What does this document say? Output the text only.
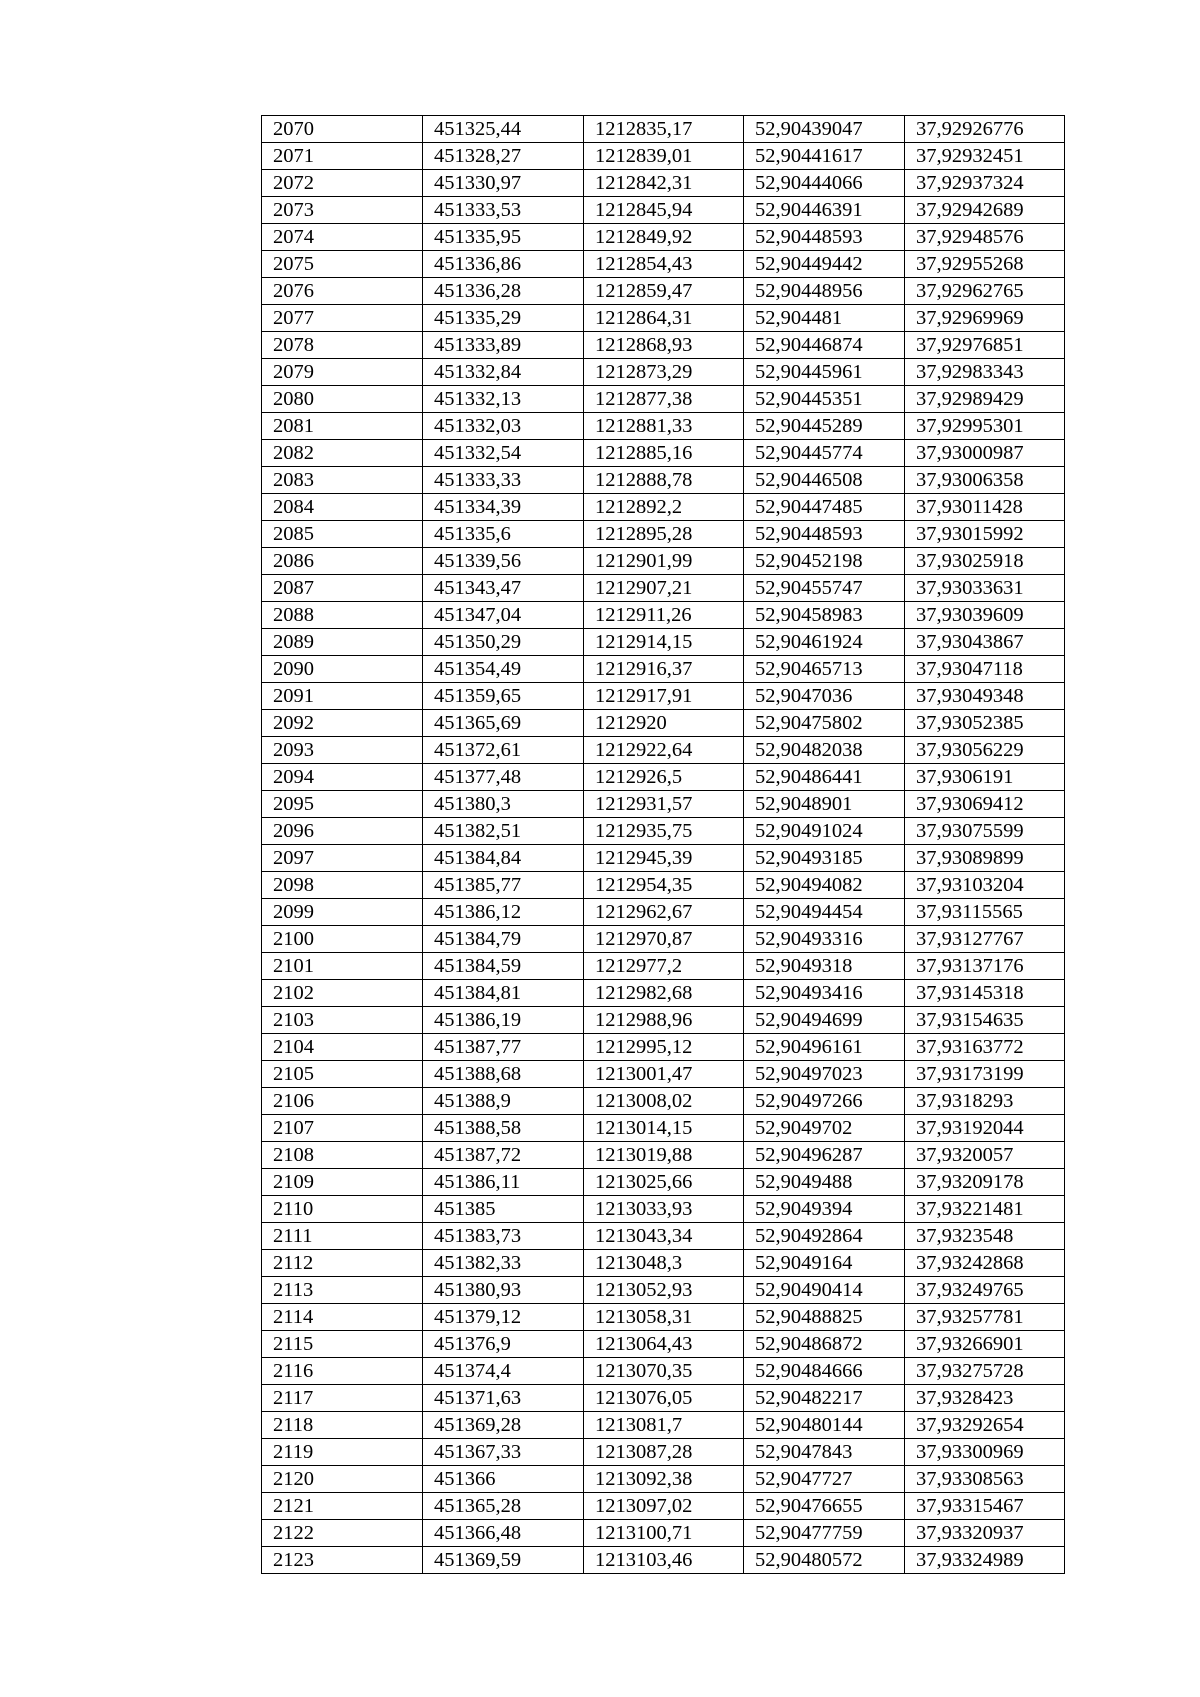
2070	451325,44	1212835,17	52,90439047	37,92926776
2071	451328,27	1212839,01	52,90441617	37,92932451
2072	451330,97	1212842,31	52,90444066	37,92937324
2073	451333,53	1212845,94	52,90446391	37,92942689
2074	451335,95	1212849,92	52,90448593	37,92948576
2075	451336,86	1212854,43	52,90449442	37,92955268
2076	451336,28	1212859,47	52,90448956	37,92962765
2077	451335,29	1212864,31	52,904481	37,92969969
2078	451333,89	1212868,93	52,90446874	37,92976851
2079	451332,84	1212873,29	52,90445961	37,92983343
2080	451332,13	1212877,38	52,90445351	37,92989429
2081	451332,03	1212881,33	52,90445289	37,92995301
2082	451332,54	1212885,16	52,90445774	37,93000987
2083	451333,33	1212888,78	52,90446508	37,93006358
2084	451334,39	1212892,2	52,90447485	37,93011428
2085	451335,6	1212895,28	52,90448593	37,93015992
2086	451339,56	1212901,99	52,90452198	37,93025918
2087	451343,47	1212907,21	52,90455747	37,93033631
2088	451347,04	1212911,26	52,90458983	37,93039609
2089	451350,29	1212914,15	52,90461924	37,93043867
2090	451354,49	1212916,37	52,90465713	37,93047118
2091	451359,65	1212917,91	52,9047036	37,93049348
2092	451365,69	1212920	52,90475802	37,93052385
2093	451372,61	1212922,64	52,90482038	37,93056229
2094	451377,48	1212926,5	52,90486441	37,9306191
2095	451380,3	1212931,57	52,9048901	37,93069412
2096	451382,51	1212935,75	52,90491024	37,93075599
2097	451384,84	1212945,39	52,90493185	37,93089899
2098	451385,77	1212954,35	52,90494082	37,93103204
2099	451386,12	1212962,67	52,90494454	37,93115565
2100	451384,79	1212970,87	52,90493316	37,93127767
2101	451384,59	1212977,2	52,9049318	37,93137176
2102	451384,81	1212982,68	52,90493416	37,93145318
2103	451386,19	1212988,96	52,90494699	37,93154635
2104	451387,77	1212995,12	52,90496161	37,93163772
2105	451388,68	1213001,47	52,90497023	37,93173199
2106	451388,9	1213008,02	52,90497266	37,9318293
2107	451388,58	1213014,15	52,9049702	37,93192044
2108	451387,72	1213019,88	52,90496287	37,9320057
2109	451386,11	1213025,66	52,9049488	37,93209178
2110	451385	1213033,93	52,9049394	37,93221481
2111	451383,73	1213043,34	52,90492864	37,9323548
2112	451382,33	1213048,3	52,9049164	37,93242868
2113	451380,93	1213052,93	52,90490414	37,93249765
2114	451379,12	1213058,31	52,90488825	37,93257781
2115	451376,9	1213064,43	52,90486872	37,93266901
2116	451374,4	1213070,35	52,90484666	37,93275728
2117	451371,63	1213076,05	52,90482217	37,9328423
2118	451369,28	1213081,7	52,90480144	37,93292654
2119	451367,33	1213087,28	52,9047843	37,93300969
2120	451366	1213092,38	52,9047727	37,93308563
2121	451365,28	1213097,02	52,90476655	37,93315467
2122	451366,48	1213100,71	52,90477759	37,93320937
2123	451369,59	1213103,46	52,90480572	37,93324989
